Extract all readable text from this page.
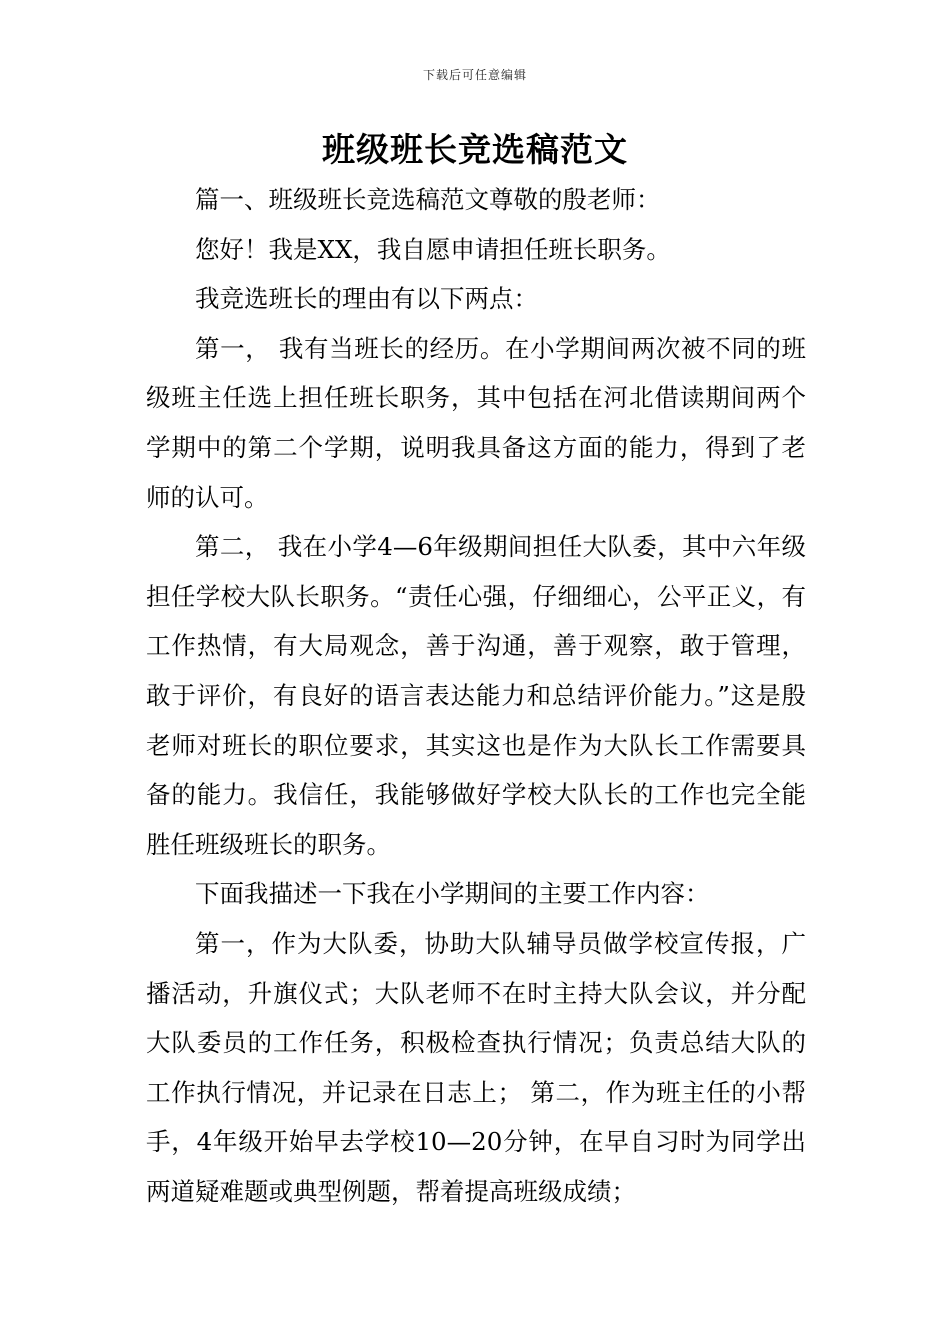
下载后可任意编辑
班级班长竞选稿范文

篇一、班级班长竞选稿范文尊敬的殷老师：

您好！我是XX，我自愿申请担任班长职务。

我竞选班长的理由有以下两点：

第一， 我有当班长的经历。在小学期间两次被不同的班级班主任选上担任班长职务，其中包括在河北借读期间两个学期中的第二个学期，说明我具备这方面的能力，得到了老师的认可。

第二， 我在小学4—6年级期间担任大队委，其中六年级担任学校大队长职务。“责任心强，仔细细心，公平正义，有工作热情，有大局观念，善于沟通，善于观察，敢于管理，敢于评价，有良好的语言表达能力和总结评价能力。”这是殷老师对班长的职位要求，其实这也是作为大队长工作需要具备的能力。我信任，我能够做好学校大队长的工作也完全能胜任班级班长的职务。

下面我描述一下我在小学期间的主要工作内容：

第一，作为大队委，协助大队辅导员做学校宣传报，广播活动，升旗仪式；大队老师不在时主持大队会议，并分配大队委员的工作任务，积极检查执行情况；负责总结大队的工作执行情况，并记录在日志上； 第二，作为班主任的小帮手，4年级开始早去学校10—20分钟，在早自习时为同学出两道疑难题或典型例题，帮着提高班级成绩；
